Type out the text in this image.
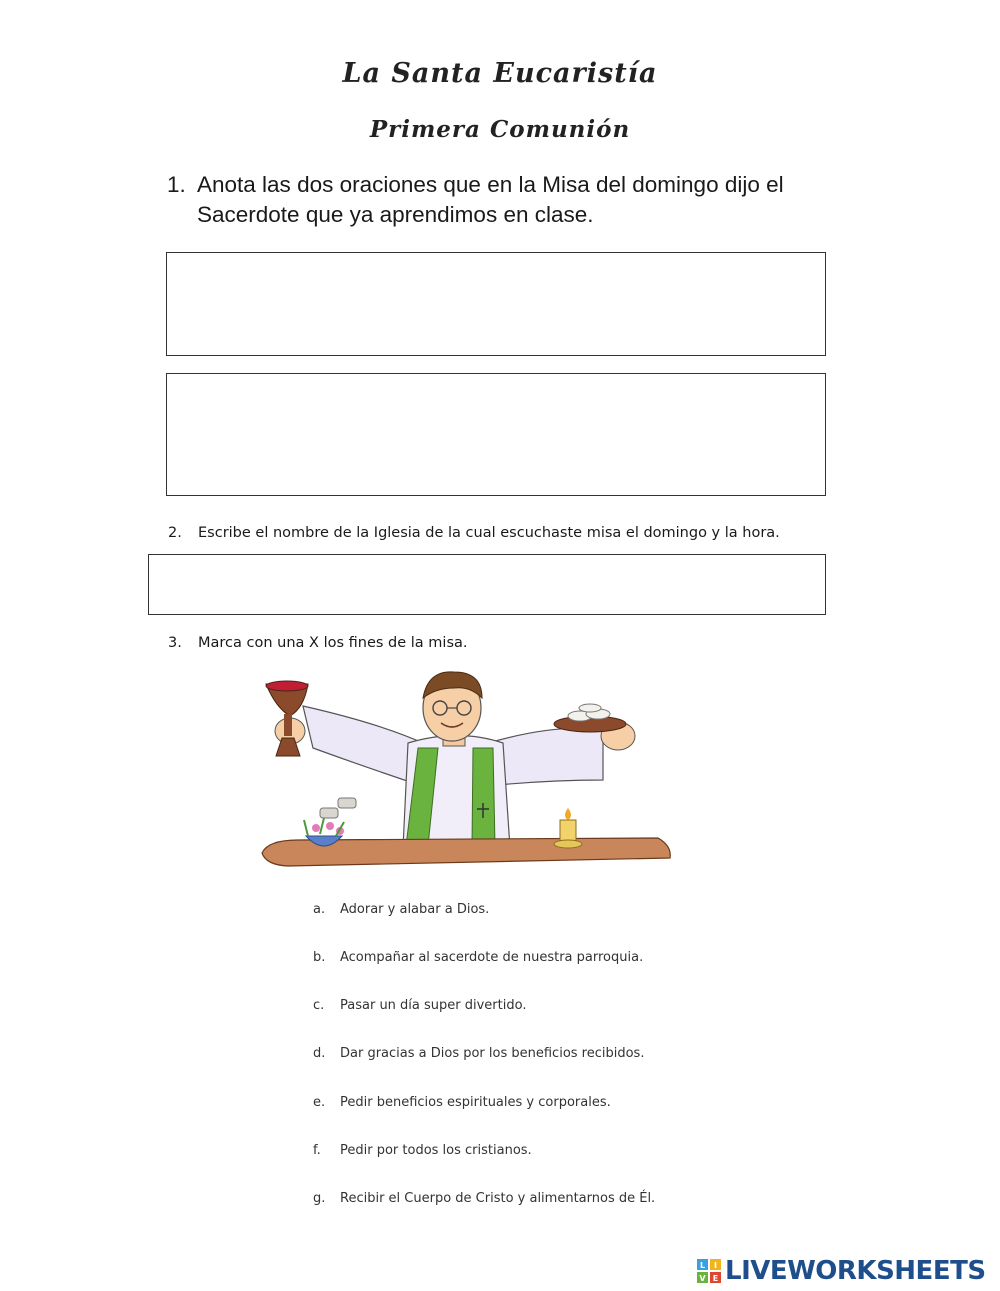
La Santa Eucaristía
Primera Comunión
1. Anota las dos oraciones que en la Misa del domingo dijo el Sacerdote que ya aprendimos en clase.
2. Escribe el nombre de la Iglesia de la cual escuchaste misa el domingo y la hora.
3. Marca con una X los fines de la misa.
a. Adorar y alabar a Dios.
b. Acompañar al sacerdote de nuestra parroquia.
c. Pasar un día super divertido.
d. Dar gracias a Dios por los beneficios recibidos.
e. Pedir beneficios espirituales y corporales.
f. Pedir por todos los cristianos.
g. Recibir el Cuerpo de Cristo y alimentarnos de Él.
L I
V E LIVEWORKSHEETS
